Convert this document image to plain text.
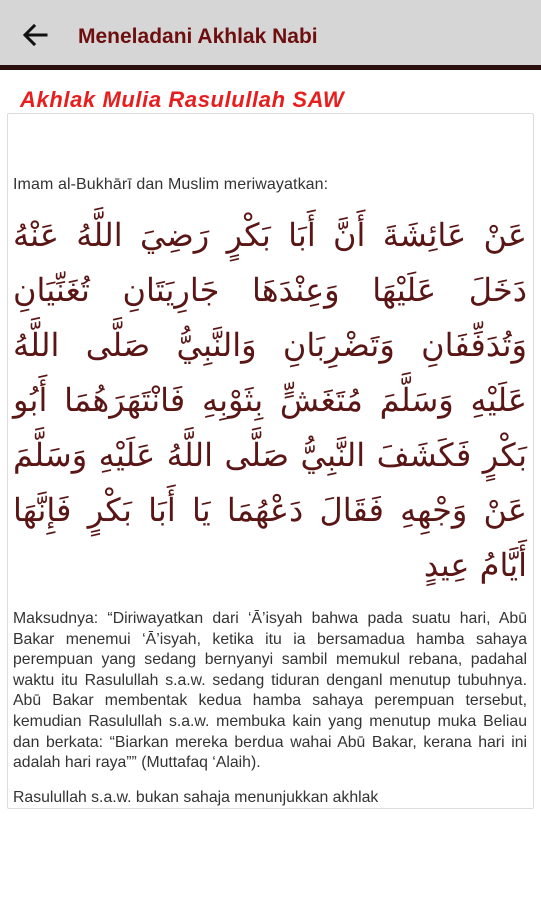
Meneladani Akhlak Nabi
Akhlak Mulia Rasulullah SAW

Imam al-Bukhārī dan Muslim meriwayatkan:

عَنْ عَائِشَةَ أَنَّ أَبَا بَكْرٍ رَضِيَ اللَّهُ عَنْهُ دَخَلَ عَلَيْهَا وَعِنْدَهَا جَارِيَتَانِ تُغَنِّيَانِ وَتُدَفِّفَانِ وَتَضْرِبَانِ وَالنَّبِيُّ صَلَّى اللَّهُ عَلَيْهِ وَسَلَّمَ مُتَغَشٍّ بِثَوْبِهِ فَانْتَهَرَهُمَا أَبُو بَكْرٍ فَكَشَفَ النَّبِيُّ صَلَّى اللَّهُ عَلَيْهِ وَسَلَّمَ عَنْ وَجْهِهِ فَقَالَ دَعْهُمَا يَا أَبَا بَكْرٍ فَإِنَّهَا أَيَّامُ عِيدٍ

Maksudnya: “Diriwayatkan dari ‘Ā’isyah bahwa pada suatu hari, Abū Bakar menemui ‘Ā’isyah, ketika itu ia bersamadua hamba sahaya perempuan yang sedang bernyanyi sambil memukul rebana, padahal waktu itu Rasulullah s.a.w. sedang tiduran denganl menutup tubuhnya. Abū Bakar membentak kedua hamba sahaya perempuan tersebut, kemudian Rasulullah s.a.w. membuka kain yang menutup muka Beliau dan berkata: “Biarkan mereka berdua wahai Abū Bakar, kerana hari ini adalah hari raya”” (Muttafaq ‘Alaih).

Rasulullah s.a.w. bukan sahaja menunjukkan akhlak
